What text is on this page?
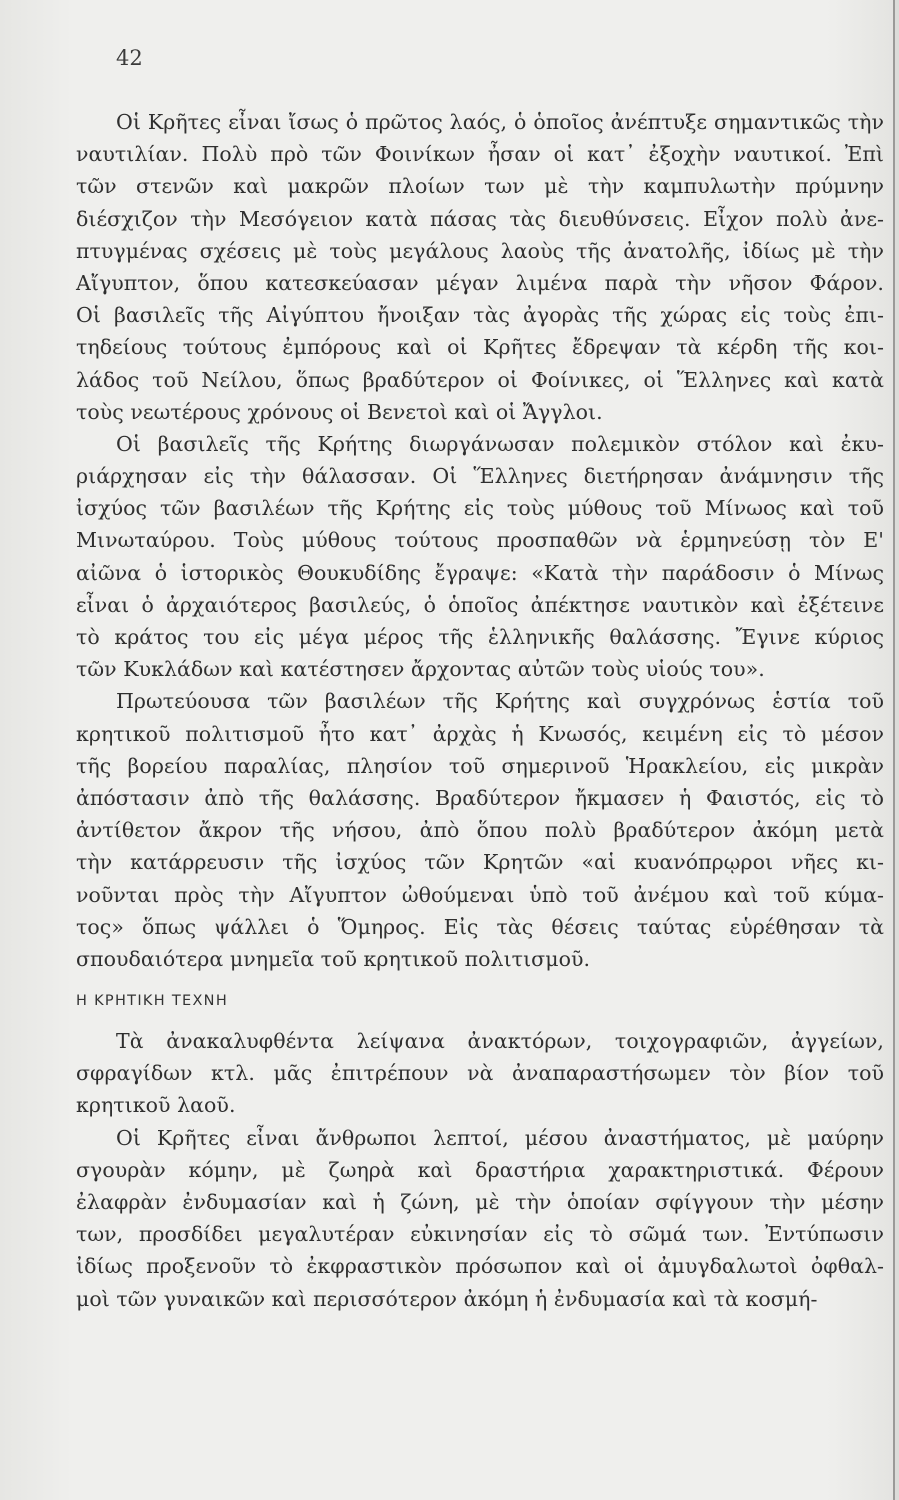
42
Οἱ Κρῆτες εἶναι ἴσως ὁ πρῶτος λαός, ὁ ὁποῖος ἀνέπτυξε σημαντικῶς τὴν
ναυτιλίαν. Πολὺ πρὸ τῶν Φοινίκων ἦσαν οἱ κατ᾽ ἐξοχὴν ναυτικοί. Ἐπὶ
τῶν στενῶν καὶ μακρῶν πλοίων των μὲ τὴν καμπυλωτὴν πρύμνην
διέσχιζον τὴν Μεσόγειον κατὰ πάσας τὰς διευθύνσεις. Εἶχον πολὺ ἀνε-
πτυγμένας σχέσεις μὲ τοὺς μεγάλους λαοὺς τῆς ἀνατολῆς, ἰδίως μὲ τὴν
Αἴγυπτον, ὅπου κατεσκεύασαν μέγαν λιμένα παρὰ τὴν νῆσον Φάρον.
Οἱ βασιλεῖς τῆς Αἰγύπτου ἤνοιξαν τὰς ἀγορὰς τῆς χώρας εἰς τοὺς ἐπι-
τηδείους τούτους ἐμπόρους καὶ οἱ Κρῆτες ἔδρεψαν τὰ κέρδη τῆς κοι-
λάδος τοῦ Νείλου, ὅπως βραδύτερον οἱ Φοίνικες, οἱ Ἕλληνες καὶ κατὰ
τοὺς νεωτέρους χρόνους οἱ Βενετοὶ καὶ οἱ Ἄγγλοι.
Οἱ βασιλεῖς τῆς Κρήτης διωργάνωσαν πολεμικὸν στόλον καὶ ἐκυ-
ριάρχησαν εἰς τὴν θάλασσαν. Οἱ Ἕλληνες διετήρησαν ἀνάμνησιν τῆς
ἰσχύος τῶν βασιλέων τῆς Κρήτης εἰς τοὺς μύθους τοῦ Μίνωος καὶ τοῦ
Μινωταύρου. Τοὺς μύθους τούτους προσπαθῶν νὰ ἑρμηνεύσῃ τὸν Ε'
αἰῶνα ὁ ἱστορικὸς Θουκυδίδης ἔγραψε: «Κατὰ τὴν παράδοσιν ὁ Μίνως
εἶναι ὁ ἀρχαιότερος βασιλεύς, ὁ ὁποῖος ἀπέκτησε ναυτικὸν καὶ ἐξέτεινε
τὸ κράτος του εἰς μέγα μέρος τῆς ἑλληνικῆς θαλάσσης. Ἔγινε κύριος
τῶν Κυκλάδων καὶ κατέστησεν ἄρχοντας αὐτῶν τοὺς υἱούς του».
Πρωτεύουσα τῶν βασιλέων τῆς Κρήτης καὶ συγχρόνως ἑστία τοῦ
κρητικοῦ πολιτισμοῦ ἦτο κατ᾽ ἀρχὰς ἡ Κνωσός, κειμένη εἰς τὸ μέσον
τῆς βορείου παραλίας, πλησίον τοῦ σημερινοῦ Ἡρακλείου, εἰς μικρὰν
ἀπόστασιν ἀπὸ τῆς θαλάσσης. Βραδύτερον ἤκμασεν ἡ Φαιστός, εἰς τὸ
ἀντίθετον ἄκρον τῆς νήσου, ἀπὸ ὅπου πολὺ βραδύτερον ἀκόμη μετὰ
τὴν κατάρρευσιν τῆς ἰσχύος τῶν Κρητῶν «αἱ κυανόπρῳροι νῆες κι-
νοῦνται πρὸς τὴν Αἴγυπτον ὠθούμεναι ὑπὸ τοῦ ἀνέμου καὶ τοῦ κύμα-
τος» ὅπως ψάλλει ὁ Ὅμηρος. Εἰς τὰς θέσεις ταύτας εὑρέθησαν τὰ
σπουδαιότερα μνημεῖα τοῦ κρητικοῦ πολιτισμοῦ.
Η ΚΡΗΤΙΚΗ ΤΕΧΝΗ
Τὰ ἀνακαλυφθέντα λείψανα ἀνακτόρων, τοιχογραφιῶν, ἀγγείων,
σφραγίδων κτλ. μᾶς ἐπιτρέπουν νὰ ἀναπαραστήσωμεν τὸν βίον τοῦ
κρητικοῦ λαοῦ.
Οἱ Κρῆτες εἶναι ἄνθρωποι λεπτοί, μέσου ἀναστήματος, μὲ μαύρην
σγουρὰν κόμην, μὲ ζωηρὰ καὶ δραστήρια χαρακτηριστικά. Φέρουν
ἐλαφρὰν ἐνδυμασίαν καὶ ἡ ζώνη, μὲ τὴν ὁποίαν σφίγγουν τὴν μέσην
των, προσδίδει μεγαλυτέραν εὐκινησίαν εἰς τὸ σῶμά των. Ἐντύπωσιν
ἰδίως προξενοῦν τὸ ἐκφραστικὸν πρόσωπον καὶ οἱ ἀμυγδαλωτοὶ ὀφθαλ-
μοὶ τῶν γυναικῶν καὶ περισσότερον ἀκόμη ἡ ἐνδυμασία καὶ τὰ κοσμή-
